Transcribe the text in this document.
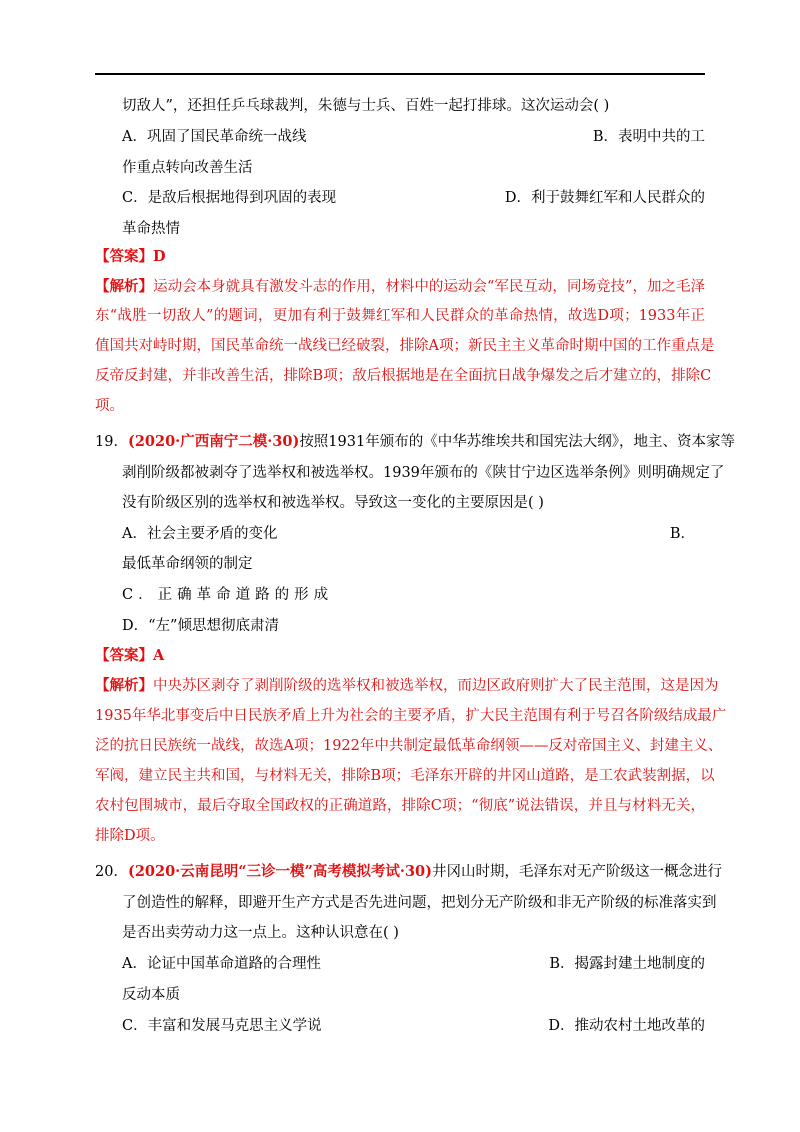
切敌人”，还担任乒乓球裁判，朱德与士兵、百姓一起打排球。这次运动会( )
A．巩固了国民革命统一战线	B．表明中共的工
作重点转向改善生活
C．是敌后根据地得到巩固的表现	D．利于鼓舞红军和人民群众的
革命热情
【答案】D
【解析】运动会本身就具有激发斗志的作用，材料中的运动会“军民互动，同场竞技”，加之毛泽
东“战胜一切敌人”的题词，更加有利于鼓舞红军和人民群众的革命热情，故选D项；1933年正
值国共对峙时期，国民革命统一战线已经破裂，排除A项；新民主主义革命时期中国的工作重点是
反帝反封建，并非改善生活，排除B项；敌后根据地是在全面抗日战争爆发之后才建立的，排除C
项。
19．(2020·广西南宁二模·30)按照1931年颁布的《中华苏维埃共和国宪法大纲》，地主、资本家等
剥削阶级都被剥夺了选举权和被选举权。1939年颁布的《陕甘宁边区选举条例》则明确规定了
没有阶级区别的选举权和被选举权。导致这一变化的主要原因是( )
A．社会主要矛盾的变化	B．
最低革命纲领的制定
C．正确革命道路的形成
D．“左”倾思想彻底肃清
【答案】A
【解析】中央苏区剥夺了剥削阶级的选举权和被选举权，而边区政府则扩大了民主范围，这是因为
1935年华北事变后中日民族矛盾上升为社会的主要矛盾，扩大民主范围有利于号召各阶级结成最广
泛的抗日民族统一战线，故选A项；1922年中共制定最低革命纲领——反对帝国主义、封建主义、
军阀，建立民主共和国，与材料无关，排除B项；毛泽东开辟的井冈山道路，是工农武装割据，以
农村包围城市，最后夺取全国政权的正确道路，排除C项；“彻底”说法错误，并且与材料无关，
排除D项。
20．(2020·云南昆明“三诊一模”高考模拟考试·30)井冈山时期，毛泽东对无产阶级这一概念进行
了创造性的解释，即避开生产方式是否先进问题，把划分无产阶级和非无产阶级的标准落实到
是否出卖劳动力这一点上。这种认识意在( )
A．论证中国革命道路的合理性	B．揭露封建土地制度的
反动本质
C．丰富和发展马克思主义学说	D．推动农村土地改革的
